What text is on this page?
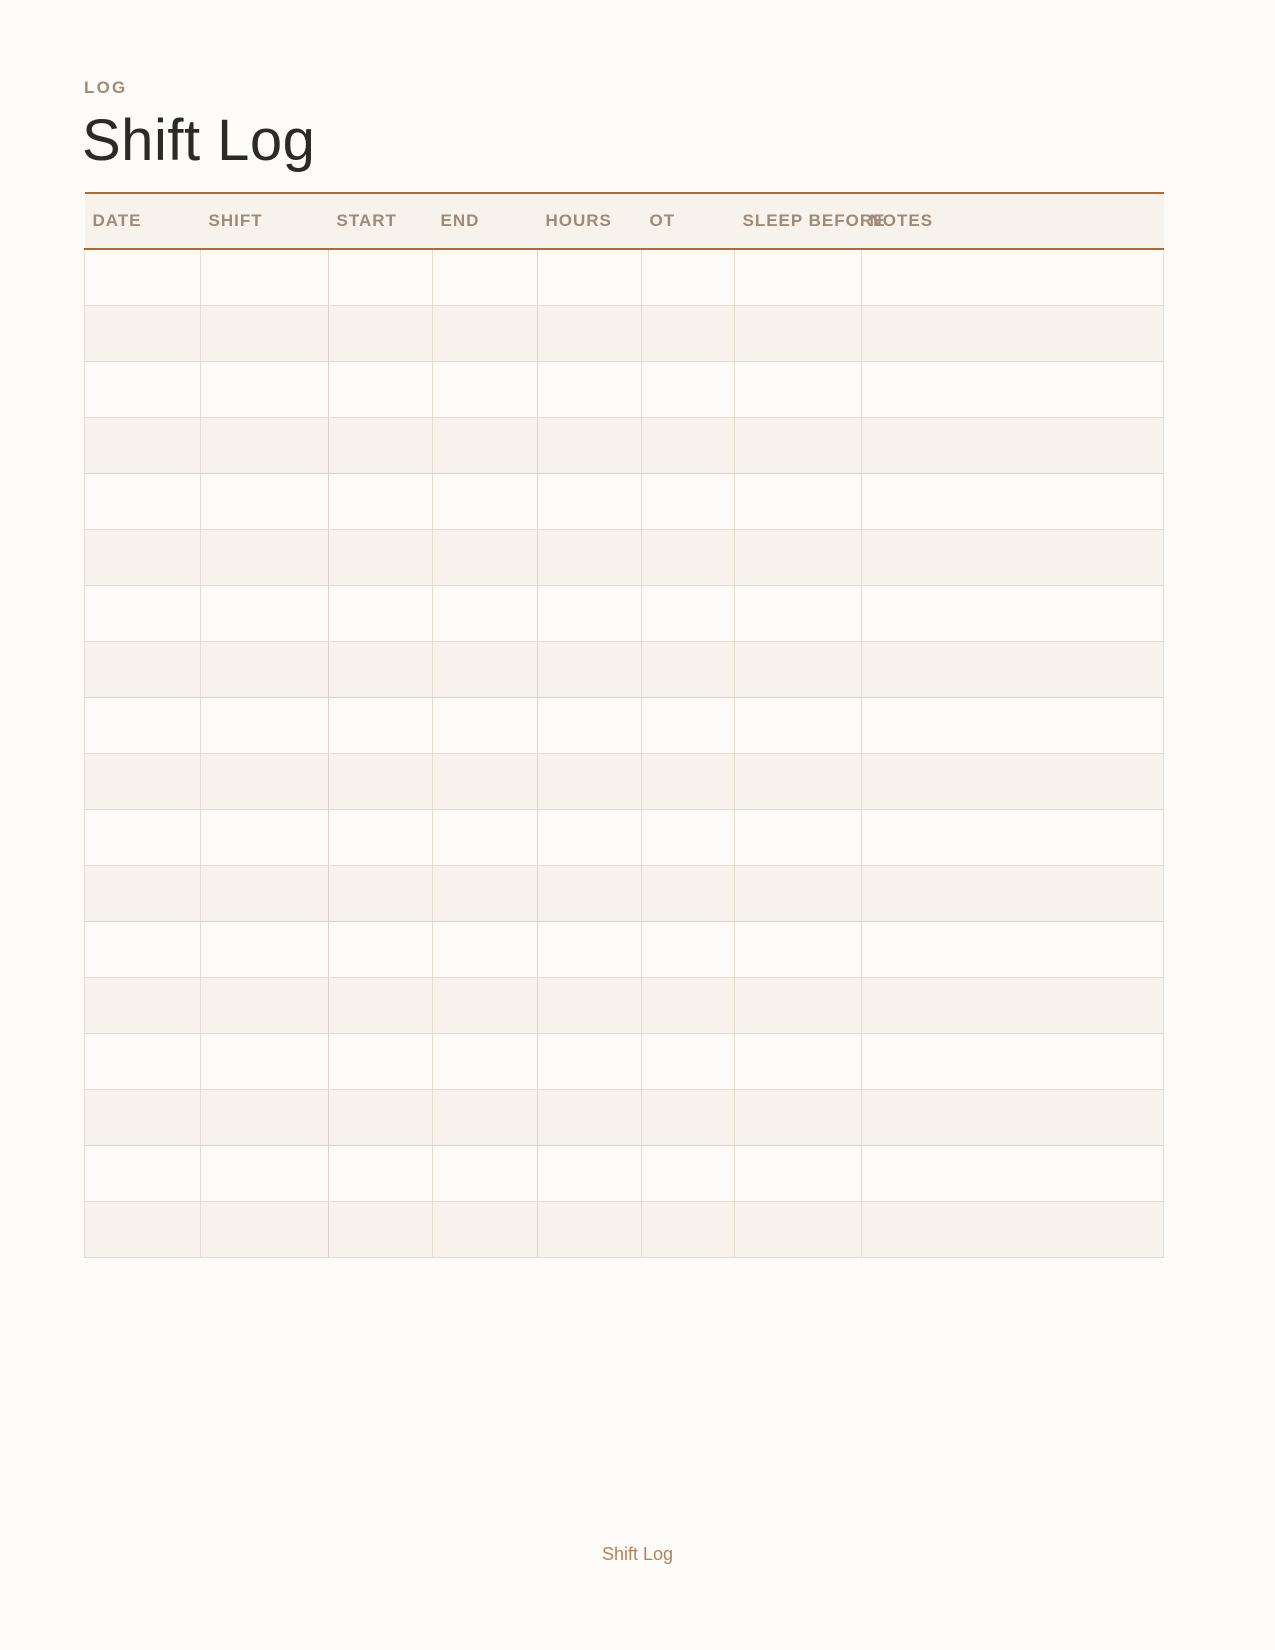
LOG

Shift Log
DATE	SHIFT	START	END	HOURS	OT	SLEEP BEFORE	NOTES

Shift Log
